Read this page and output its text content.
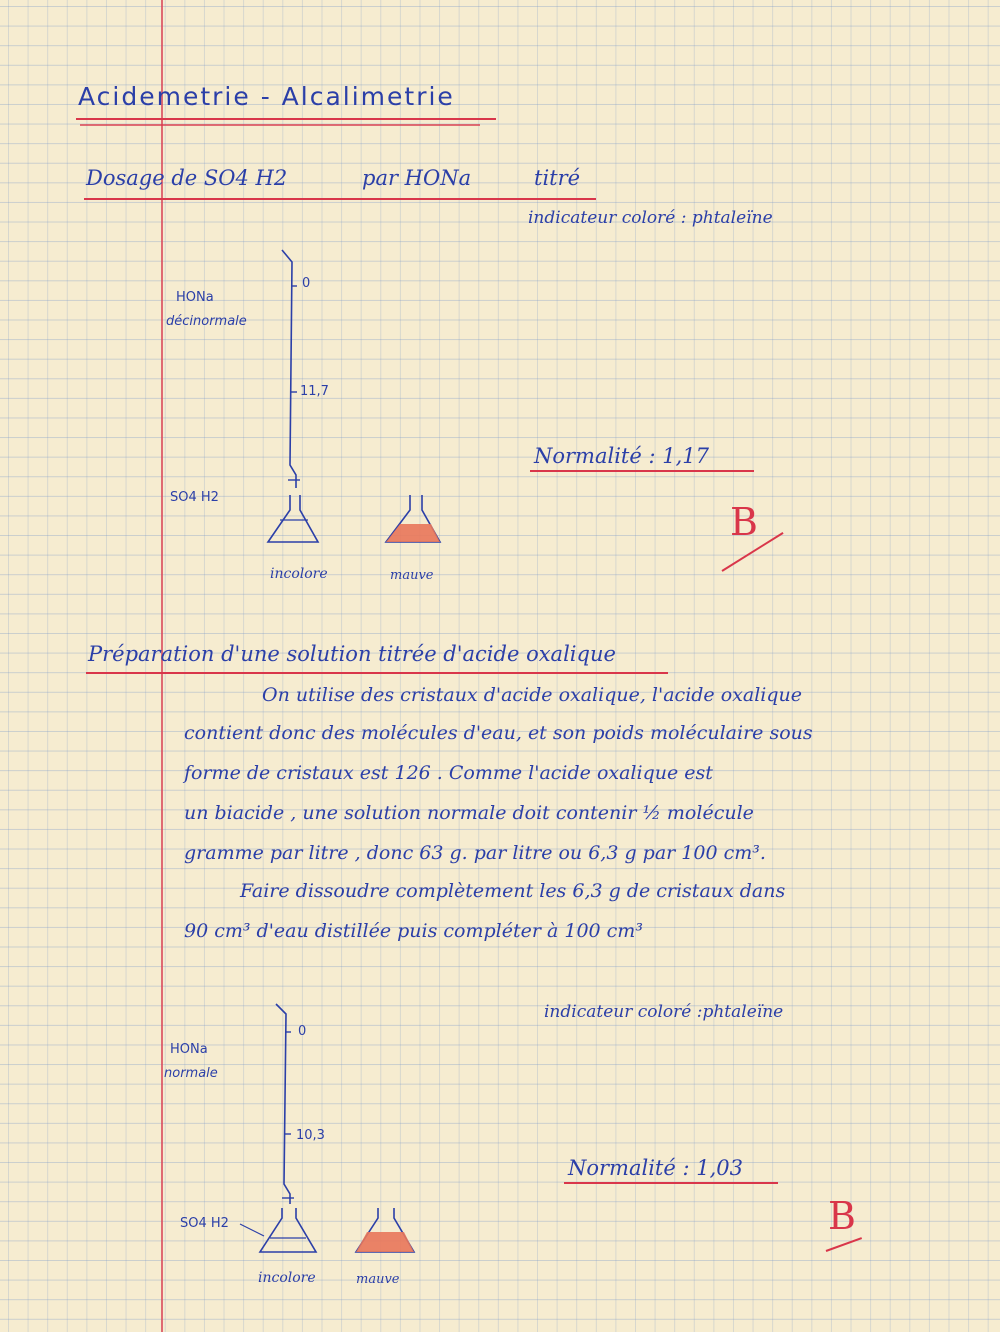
Acidemetrie - Alcalimetrie
Dosage de SO4 H2	par HONa	titré
indicateur coloré : phtaleïne
HONa
décinormale
0
11,7
SO4 H2
incolore	mauve
Normalité : 1,17
B
Préparation d'une solution titrée d'acide oxalique
On utilise des cristaux d'acide oxalique, l'acide oxalique
contient donc des molécules d'eau, et son poids moléculaire sous
forme de cristaux est 126 . Comme l'acide oxalique est
un biacide , une solution normale doit contenir ½ molécule
gramme par litre , donc 63 g. par litre ou 6,3 g par 100 cm³.
Faire dissoudre complètement les 6,3 g de cristaux dans
90 cm³ d'eau distillée puis compléter à 100 cm³
indicateur coloré :phtaleïne
HONa
normale
0
10,3
SO4 H2
incolore	mauve
Normalité : 1,03
B
